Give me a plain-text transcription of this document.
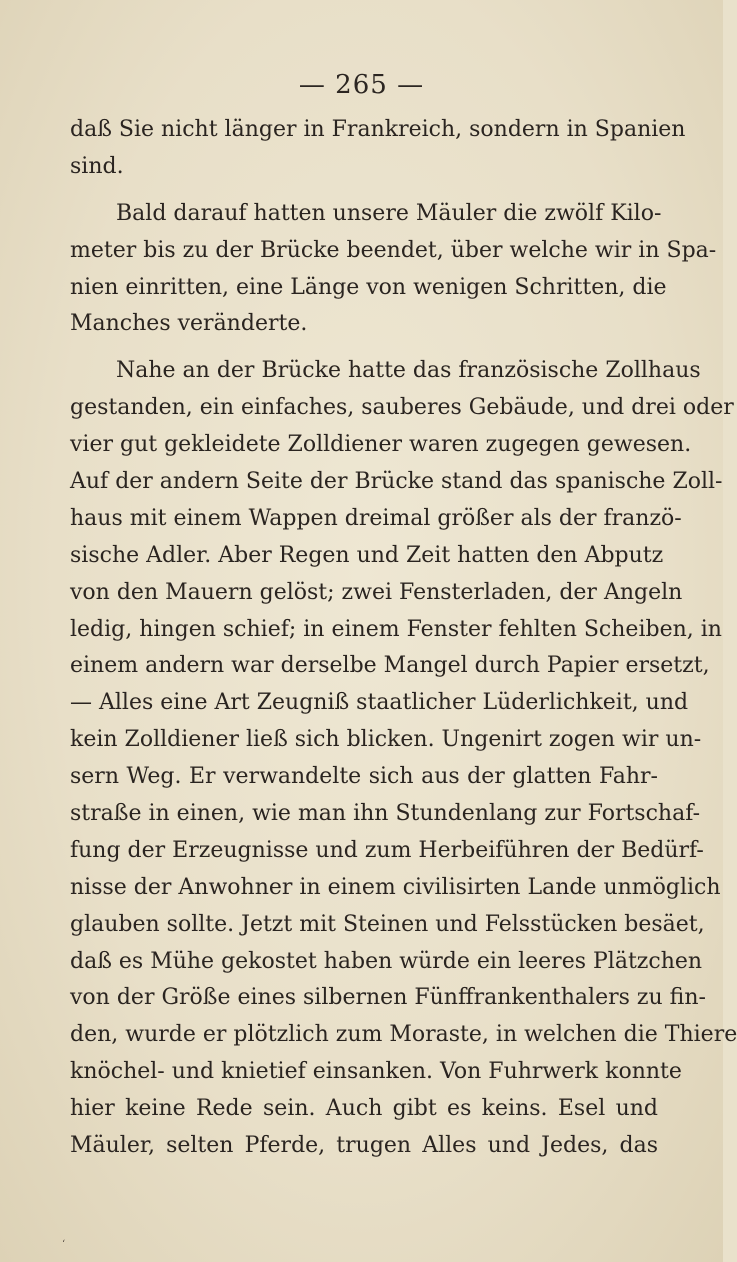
— 265 —
daß Sie nicht länger in Frankreich, sondern in Spanien
sind.
Bald darauf hatten unsere Mäuler die zwölf Kilo-
meter bis zu der Brücke beendet, über welche wir in Spa-
nien einritten, eine Länge von wenigen Schritten, die
Manches veränderte.
Nahe an der Brücke hatte das französische Zollhaus
gestanden, ein einfaches, sauberes Gebäude, und drei oder
vier gut gekleidete Zolldiener waren zugegen gewesen.
Auf der andern Seite der Brücke stand das spanische Zoll-
haus mit einem Wappen dreimal größer als der franzö-
sische Adler. Aber Regen und Zeit hatten den Abputz
von den Mauern gelöst; zwei Fensterladen, der Angeln
ledig, hingen schief; in einem Fenster fehlten Scheiben, in
einem andern war derselbe Mangel durch Papier ersetzt,
— Alles eine Art Zeugniß staatlicher Lüderlichkeit, und
kein Zolldiener ließ sich blicken. Ungenirt zogen wir un-
sern Weg. Er verwandelte sich aus der glatten Fahr-
straße in einen, wie man ihn Stundenlang zur Fortschaf-
fung der Erzeugnisse und zum Herbeiführen der Bedürf-
nisse der Anwohner in einem civilisirten Lande unmöglich
glauben sollte. Jetzt mit Steinen und Felsstücken besäet,
daß es Mühe gekostet haben würde ein leeres Plätzchen
von der Größe eines silbernen Fünffrankenthalers zu fin-
den, wurde er plötzlich zum Moraste, in welchen die Thiere
knöchel- und knietief einsanken. Von Fuhrwerk konnte
hier keine Rede sein. Auch gibt es keins. Esel und
Mäuler, selten Pferde, trugen Alles und Jedes, das
‘
